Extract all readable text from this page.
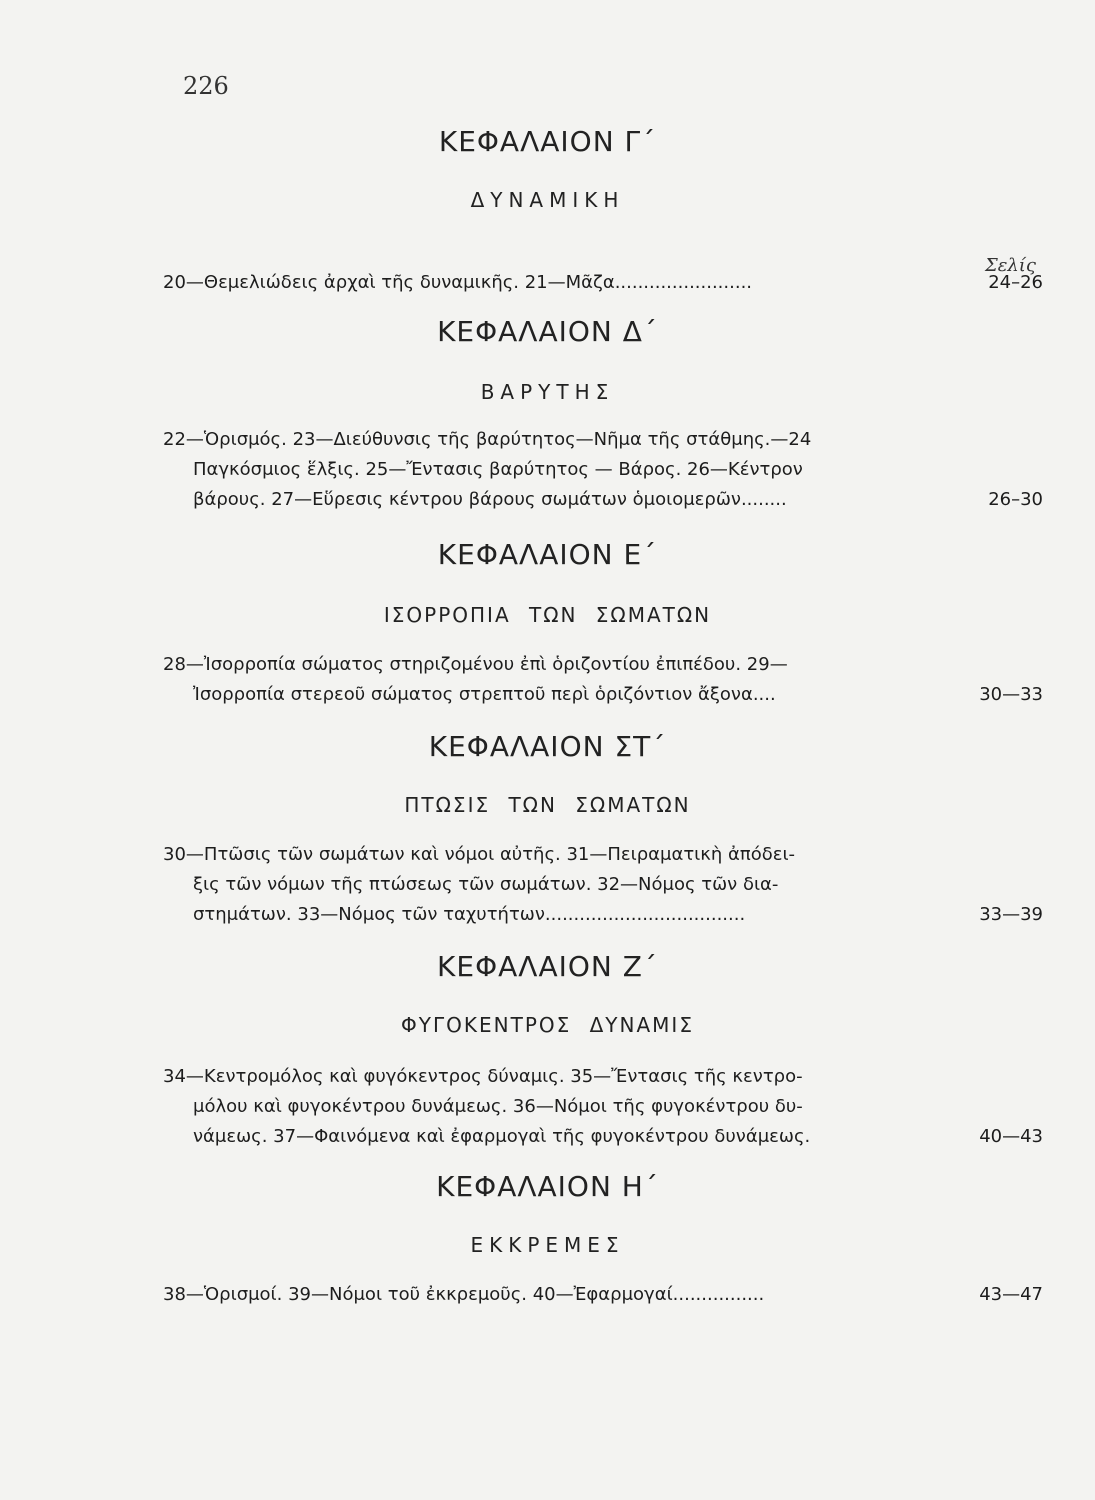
226
ΚΕΦΑΛΑΙΟΝ Γ΄
ΔΥΝΑΜΙΚΗ
Σελίς
20—Θεμελιώδεις ἀρχαὶ τῆς δυναμικῆς. 21—Μᾶζα........................	24–26
ΚΕΦΑΛΑΙΟΝ Δ΄
ΒΑΡΥΤΗΣ
22—Ὁρισμός. 23—Διεύθυνσις τῆς βαρύτητος—Νῆμα τῆς στάθμης.—24
Παγκόσμιος ἕλξις. 25—Ἔντασις βαρύτητος — Βάρος. 26—Κέντρον
βάρους. 27—Εὕρεσις κέντρου βάρους σωμάτων ὁμοιομερῶν........	26–30
ΚΕΦΑΛΑΙΟΝ Ε΄
ΙΣΟΡΡΟΠΙΑ ΤΩΝ ΣΩΜΑΤΩΝ
28—Ἰσορροπία σώματος στηριζομένου ἐπὶ ὁριζοντίου ἐπιπέδου. 29—
Ἰσορροπία στερεοῦ σώματος στρεπτοῦ περὶ ὁριζόντιον ἄξονα....	30—33
ΚΕΦΑΛΑΙΟΝ ΣΤ΄
ΠΤΩΣΙΣ ΤΩΝ ΣΩΜΑΤΩΝ
30—Πτῶσις τῶν σωμάτων καὶ νόμοι αὐτῆς. 31—Πειραματικὴ ἀπόδει-
ξις τῶν νόμων τῆς πτώσεως τῶν σωμάτων. 32—Νόμος τῶν δια-
στημάτων. 33—Νόμος τῶν ταχυτήτων...................................	33—39
ΚΕΦΑΛΑΙΟΝ Ζ΄
ΦΥΓΟΚΕΝΤΡΟΣ ΔΥΝΑΜΙΣ
34—Κεντρομόλος καὶ φυγόκεντρος δύναμις. 35—Ἔντασις τῆς κεντρο-
μόλου καὶ φυγοκέντρου δυνάμεως. 36—Νόμοι τῆς φυγοκέντρου δυ-
νάμεως. 37—Φαινόμενα καὶ ἐφαρμογαὶ τῆς φυγοκέντρου δυνάμεως.	40—43
ΚΕΦΑΛΑΙΟΝ Η΄
ΕΚΚΡΕΜΕΣ
38—Ὁρισμοί. 39—Νόμοι τοῦ ἐκκρεμοῦς. 40—Ἐφαρμογαί................	43—47
